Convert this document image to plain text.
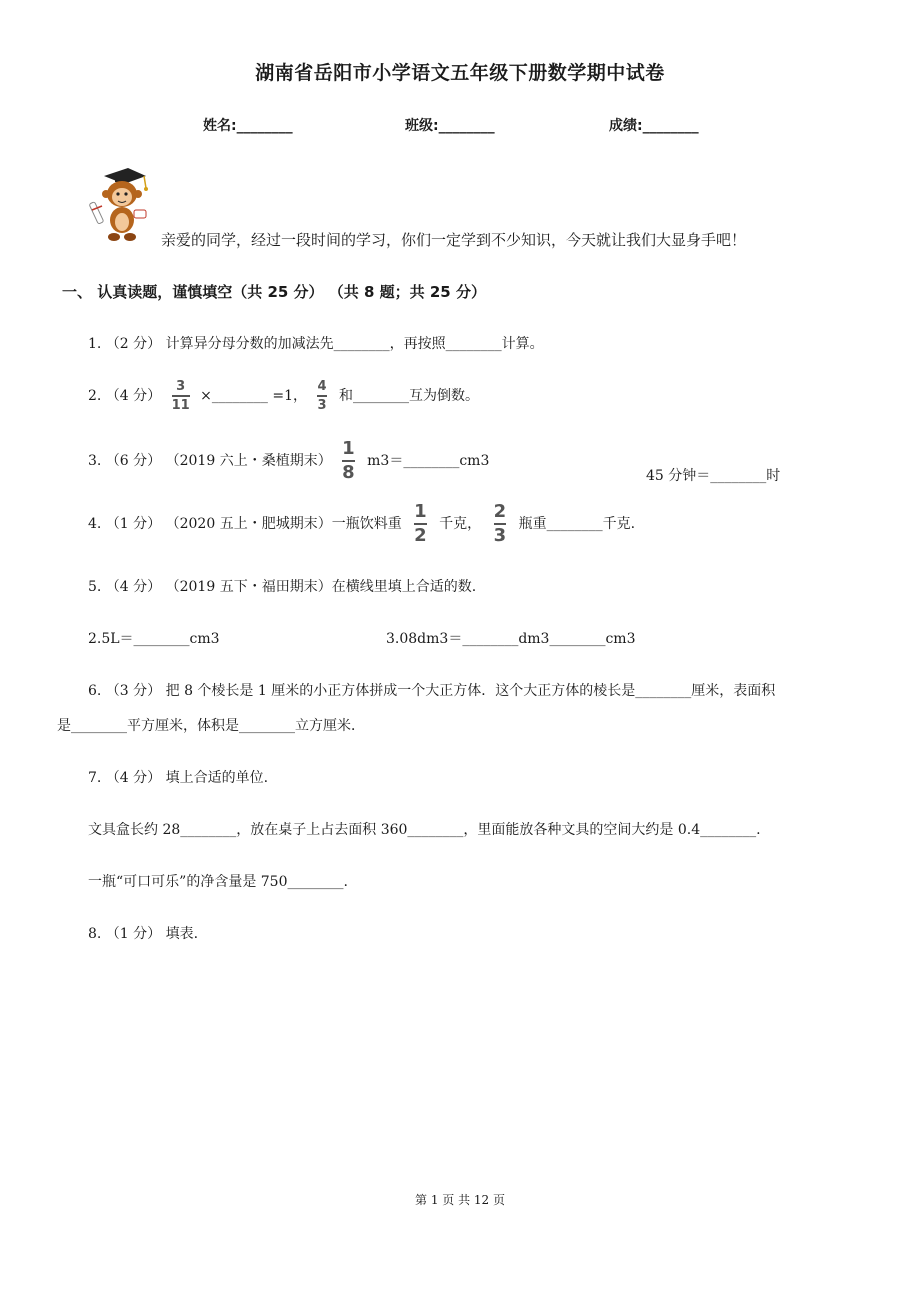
湖南省岳阳市小学语文五年级下册数学期中试卷
姓名:________	班级:________	成绩:________
亲爱的同学，经过一段时间的学习，你们一定学到不少知识，今天就让我们大显身手吧！
一、 认真读题，谨慎填空（共 25 分） （共 8 题；共 25 分）
1. （2 分） 计算异分母分数的加减法先________，再按照________计算。
2. （4 分） $\frac{3}{11}$ ×________ =1， $\frac{4}{3}$ 和________互为倒数。
3. （6 分） （2019 六上・桑植期末） $\frac{1}{8}$ m3＝________cm3
45 分钟＝________时
4. （1 分） （2020 五上・肥城期末）一瓶饮料重 $\frac{1}{2}$ 千克， $\frac{2}{3}$ 瓶重________千克.
5. （4 分） （2019 五下・福田期末）在横线里填上合适的数.
2.5L＝________cm3	3.08dm3＝________dm3________cm3
6. （3 分） 把 8 个棱长是 1 厘米的小正方体拼成一个大正方体．这个大正方体的棱长是________厘米，表面积
是________平方厘米，体积是________立方厘米．
7. （4 分） 填上合适的单位.
文具盒长约 28________，放在桌子上占去面积 360________，里面能放各种文具的空间大约是 0.4________.
一瓶“可口可乐”的净含量是 750________.
8. （1 分） 填表.
第 1 页 共 12 页
